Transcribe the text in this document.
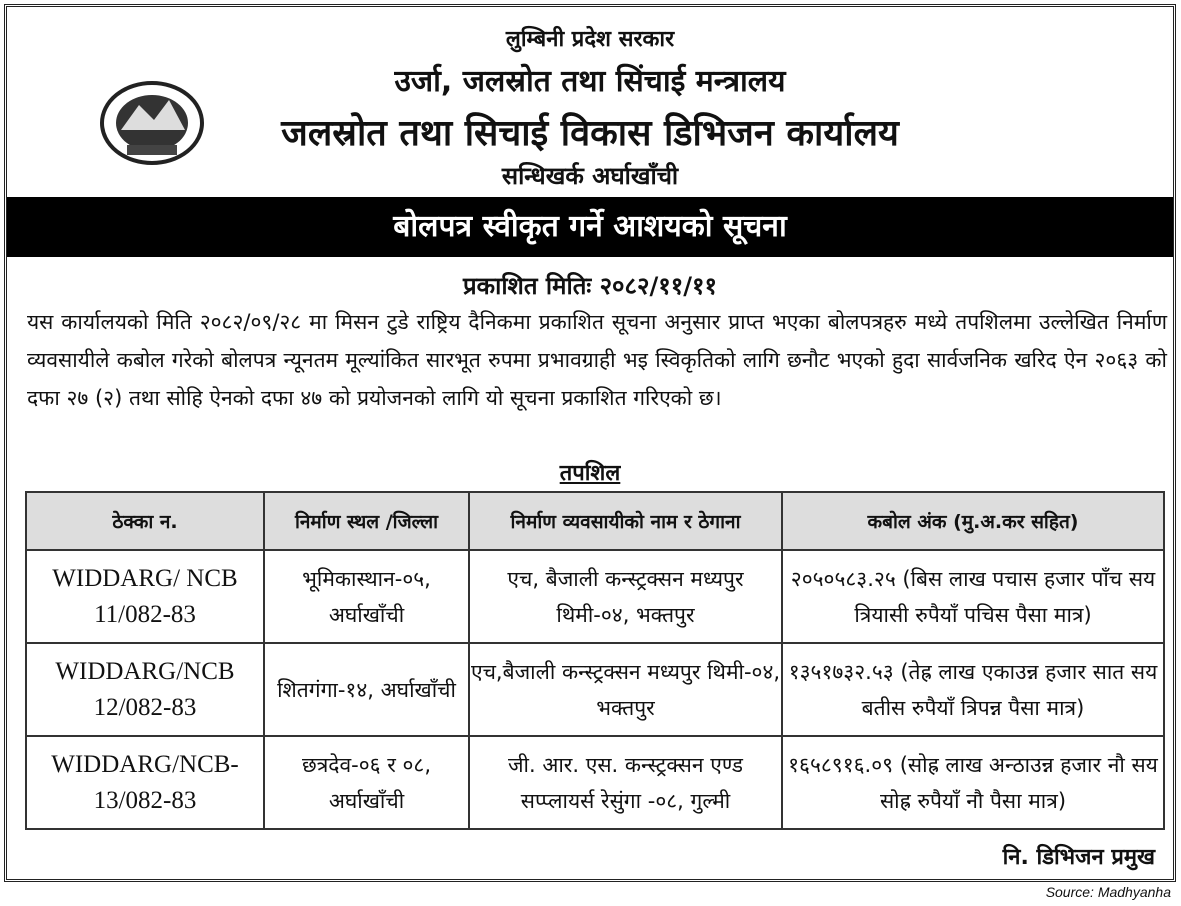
लुम्बिनी प्रदेश सरकार
उर्जा, जलस्रोत तथा सिंचाई मन्त्रालय
जलस्रोत तथा सिचाई विकास डिभिजन कार्यालय
सन्धिखर्क अर्घाखाँची
बोलपत्र स्वीकृत गर्ने आशयको सूचना
प्रकाशित मितिः २०८२/११/११
यस कार्यालयको मिति २०८२/०९/२८ मा मिसन टुडे राष्ट्रिय दैनिकमा प्रकाशित सूचना अनुसार प्राप्त भएका बोलपत्रहरु मध्ये तपशिलमा उल्लेखित निर्माण व्यवसायीले कबोल गरेको बोलपत्र न्यूनतम मूल्यांकित सारभूत रुपमा प्रभावग्राही भइ स्विकृतिको लागि छनौट भएको हुदा सार्वजनिक खरिद ऐन २०६३ को दफा २७ (२) तथा सोहि ऐनको दफा ४७ को प्रयोजनको लागि यो सूचना प्रकाशित गरिएको छ।
तपशिल
ठेक्का न.	निर्माण स्थल /जिल्ला	निर्माण व्यवसायीको नाम र ठेगाना	कबोल अंक (मु.अ.कर सहित)
WIDDARG/ NCB 11/082-83	भूमिकास्थान-०५, अर्घाखाँची	एच, बैजाली कन्स्ट्रक्सन मध्यपुर थिमी-०४, भक्तपुर	२०५०५८३.२५ (बिस लाख पचास हजार पाँच सय त्रियासी रुपैयाँ पचिस पैसा मात्र)
WIDDARG/NCB 12/082-83	शितगंगा-१४, अर्घाखाँची	एच,बैजाली कन्स्ट्रक्सन मध्यपुर थिमी-०४, भक्तपुर	१३५१७३२.५३ (तेह्र लाख एकाउन्न हजार सात सय बतीस रुपैयाँ त्रिपन्न पैसा मात्र)
WIDDARG/NCB-13/082-83	छत्रदेव-०६ र ०८, अर्घाखाँची	जी. आर. एस. कन्स्ट्रक्सन एण्ड सप्प्लायर्स रेसुंगा -०८, गुल्मी	१६५८९१६.०९ (सोह्र लाख अन्ठाउन्न हजार नौ सय सोह्र रुपैयाँ नौ पैसा मात्र)
नि. डिभिजन प्रमुख
Source: Madhyanha
